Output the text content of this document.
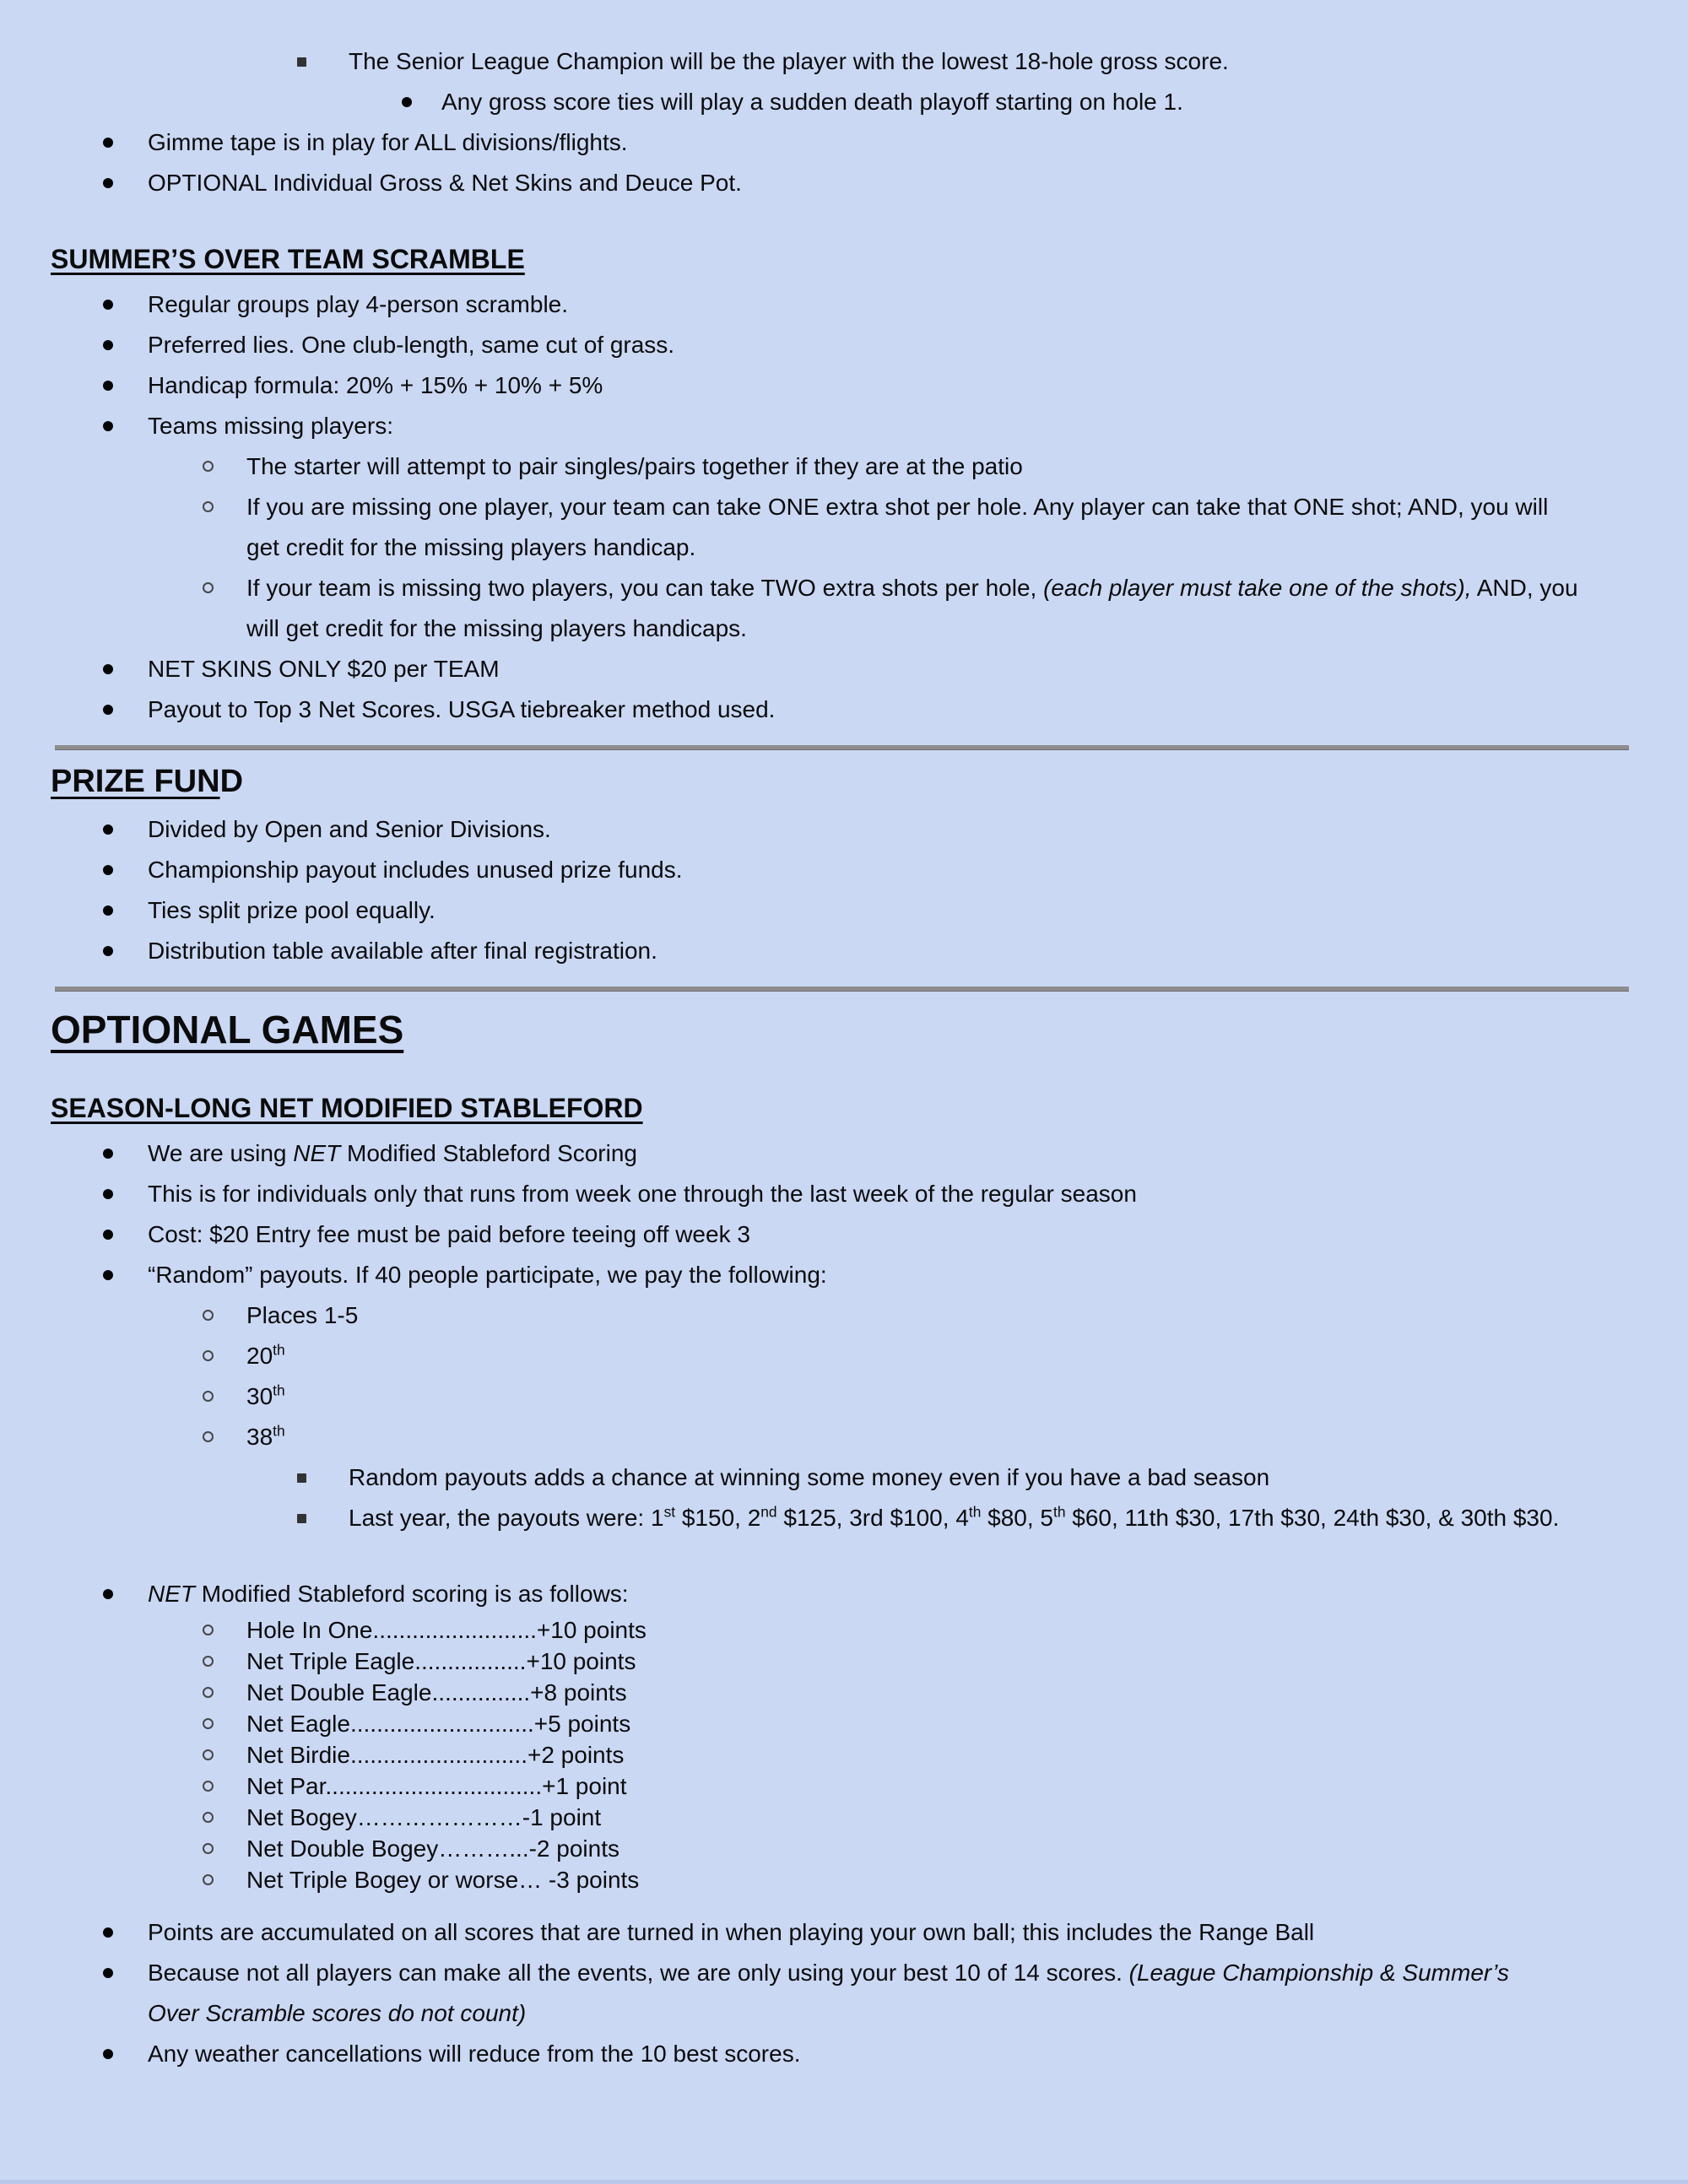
The Senior League Champion will be the player with the lowest 18-hole gross score.
Any gross score ties will play a sudden death playoff starting on hole 1.
Gimme tape is in play for ALL divisions/flights.
OPTIONAL Individual Gross & Net Skins and Deuce Pot.
SUMMER’S OVER TEAM SCRAMBLE
Regular groups play 4-person scramble.
Preferred lies. One club-length, same cut of grass.
Handicap formula: 20% + 15% + 10% + 5%
Teams missing players:
The starter will attempt to pair singles/pairs together if they are at the patio
If you are missing one player, your team can take ONE extra shot per hole. Any player can take that ONE shot; AND, you will
get credit for the missing players handicap.
If your team is missing two players, you can take TWO extra shots per hole, (each player must take one of the shots), AND, you
will get credit for the missing players handicaps.
NET SKINS ONLY $20 per TEAM
Payout to Top 3 Net Scores. USGA tiebreaker method used.
PRIZE FUND
Divided by Open and Senior Divisions.
Championship payout includes unused prize funds.
Ties split prize pool equally.
Distribution table available after final registration.
OPTIONAL GAMES
SEASON-LONG NET MODIFIED STABLEFORD
We are using NET Modified Stableford Scoring
This is for individuals only that runs from week one through the last week of the regular season
Cost: $20 Entry fee must be paid before teeing off week 3
“Random” payouts. If 40 people participate, we pay the following:
Places 1-5
20th
30th
38th
Random payouts adds a chance at winning some money even if you have a bad season
Last year, the payouts were: 1st $150, 2nd $125, 3rd $100, 4th $80, 5th $60, 11th $30, 17th $30, 24th $30, & 30th $30.
NET Modified Stableford scoring is as follows:
Hole In One.........................+10 points
Net Triple Eagle.................+10 points
Net Double Eagle...............+8 points
Net Eagle............................+5 points
Net Birdie...........................+2 points
Net Par.................................+1 point
Net Bogey…………………-1 point
Net Double Bogey………...-2 points
Net Triple Bogey or worse… -3 points
Points are accumulated on all scores that are turned in when playing your own ball; this includes the Range Ball
Because not all players can make all the events, we are only using your best 10 of 14 scores. (League Championship & Summer’s
Over Scramble scores do not count)
Any weather cancellations will reduce from the 10 best scores.
